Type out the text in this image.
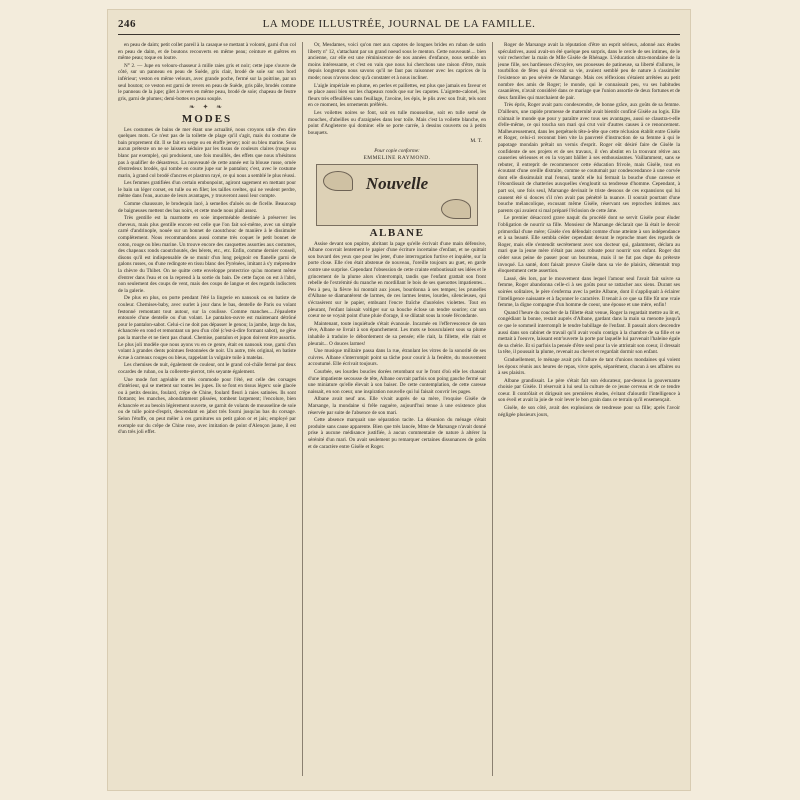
246	LA MODE ILLUSTRÉE, JOURNAL DE LA FAMILLE.

en peau de daim; petit collet pareil à la casaque se mettant à volonté, garni d'un col en peau de daim, et de boutons recouverts en même peau; ceinture et guêtres en même peau; toque en loutre.

N° 2. — Jupe en velours-chasseur à mille raies gris et noir; cette jupe s'ouvre de côté, sur un panneau en peau de Suède, gris clair, brodé de soie sur son bord inférieur; veston en même velours, avec grande poche, fermé sur la poitrine, par un seul bouton; ce veston est garni de revers en peau de Suède, gris pâle, brodés comme le panneau de la jupe; gilet à revers en même peau, brodé de soie; chapeau de feutre gris, garni de plumes; demi-bottes en peau souple.

❧ ✦ ❧
MODES

Les costumes de bains de mer étant une actualité, nous croyons utile d'en dire quelques mots. Ce n'est pas de la toilette de plage qu'il s'agit, mais du costume de bain proprement dit. Il se fait en serge ou en étoffe jersey; noir ou bleu marine. Sous aucun prétexte on ne se laissera séduire par les tissus de couleurs claires (rouge ou blanc par exemple), qui produisent, une fois mouillés, des effets que nous n'hésitons pas à qualifier de désastreux. La nouveauté de cette année est la blouse russe, ornée d'entredeux brodés, qui tombe en courte jupe sur le pantalon; c'est, avec le costume marin, à grand col brodé d'ancres et plastron rayé, ce qui nous a semblé le plus réussi.

Les femmes gratifiées d'un certain embonpoint, agiront sagement en mettant pour le bain un léger corset, en tulle ou en filet; les tailles sveltes, qui ne veulent perdre, même dans l'eau, aucune de leurs avantages, y trouveront aussi leur compte.

Comme chaussure, le brodequin lacé, à semelles d'aloès ou de ficelle. Beaucoup de baigneuses mettent des bas noirs, et cette mode nous plaît assez.

Très gentille est la marmotte en soie imperméable destinée à préserver les cheveux, mais plus gentille encore est celle que l'on fait soi-même, avec un simple carré d'andrinople, nouée sur un bonnet de caoutchouc de manière à le dissimuler complètement. Nous recommandons aussi comme très coquet le petit bonnet de coton, rouge ou bleu marine. Un trouve encore des casquettes assorties aux costumes, des chapeaux ronds caoutchoutés, des bérets, etc., etc. Enfin, comme dernier conseil, disons qu'il est indispensable de se munir d'un long peignoir en flanelle garni de galons russes, ou d'une redingote en tissu blanc des Pyrénées, imitant à s'y méprendre la chèvre du Thibet. On ne quitte cette enveloppe protectrice qu'au moment même d'entrer dans l'eau et on la reprend à la sortie du bain. De cette façon on est à l'abri, non seulement des coups de vent, mais des coups de langue et des regards indiscrets de la galerie.

De plus en plus, on porte pendant l'été la lingerie en nansouk ou en batiste de couleur. Chemises-baby, avec ourlet à jour dans le bas, dentelle de Paris ou volant festonné remontant tout autour, sur la coulisse. Comme manches.....l'épaulette entourée d'une dentelle ou d'un volant. Le pantalon-ouvre est maintenant détrôné pour le pantalon-sabot. Celui-ci ne doit pas dépasser le genou; la jambe, large du bas, échancrée en rond et remontant un peu d'un côté (c'est-à-dire formant sabot), ne gêne pas la marche et ne tient pas chaud. Chemise, pantalon et jupon doivent être assortis. Le plus joli modèle que nous ayons vu en ce genre, était en nansouk rose, garni d'un volant à grandes dents pointues festonnées de noir. Un autre, très original, en batiste écrue à carreaux rouges ou bleus, rappelant la vulgaire toile à matelas.

Les chemises de nuit, également de couleur, ont le grand col-châle fermé par deux cocardes de ruban, ou la collerette-pierrot, très seyante également.

Une mode fort agréable et très commode pour l'été, est celle des corsages d'intérieur, qui se mettent sur toutes les jupes. Ils se font en tissus légers: soie glacée ou à petits dessins, foulard, crêpe de Chine, foulard fleuri à raies satinées. Ils sont flottants; les manches, abondamment plissées, tombent largement; l'encolure, bien échancrée et au besoin légèrement ouverte, se garnit de volants de mousseline de soie ou de tulle point-d'esprit, descendant en jabot très fourni jusqu'au bas du corsage. Selon l'étoffe, on peut mêler à ces garnitures un petit galon or et jais; employé par exemple sur du crêpe de Chine rose, avec imitation de point d'Alençon jaune, il est d'un très joli effet.

Or, Mesdames, voici qu'on met aux capotes de longues brides en ruban de satin liberty nº 12, s'attachant par un grand noeud sous le menton. Cette nouveauté.... bien ancienne, car elle est une réminiscence de nos années d'enfance, nous semble un moins intéressante, et c'est en vain que nous lui cherchons une raison d'être, mais depuis longtemps nous savons qu'il ne faut pas raisonner avec les caprices de la mode; nous n'avons donc qu'à constater et à nous incliner.

L'aigle impériale en plume, en perles et paillettes, est plus que jamais en faveur et se place aussi bien sur les chapeaux ronds que sur les capotes. L'aigrette-calonel, les fleurs très effeuillées sans feuillage, l'avoine, les épis, le plis avec son fruit, tels sont en ce moment, les ornements préférés.

Les voilettes noires se font, soit en tulle mousseline, soit en tulle semé de mouches, d'abeilles ou d'araignées dans leur toile. Mais c'est la voilette blanche, en point d'Angleterre qui domine: elle se porte carrée, à dessins couverts ou à petits bouquets.

M. T.
Pour copie conforme:
EMMELINE RAYMOND.
Nouvelle
ALBANE

Assise devant son pupitre, abritant la page qu'elle écrivait d'une main défensive, Albane couvrait lentement le papier d'une écriture incertaine d'enfant, et ne quittait son buvard des yeux que pour les jeter, d'une interrogation furtive et inquiète, sur la porte close. Elle s'en était abstenue de nouveau, l'oreille toujours au guet, en garde contre une surprise. Cependant l'obsession de cette crainte emboutissait ses idées et le grincement de la plume alors s'interrompit, tandis que l'enfant grattait son front rebelle de l'extrémité du manche en mordillant le bois de ses quenottes impatientes... Peu à peu, la fièvre lui montait aux joues, bourdonna à ses tempes; les prunelles d'Albane se diamantèrent de larmes, de ces larmes lentes, lourdes, silencieuses, qui s'écrasèrent sur le papier, embuant l'encre fraîche d'auréoles violettes. Tout en pleurant, l'enfant laissait voltiger sur sa bouche éclose un tendre sourire; car son coeur ne se voyait point d'une pluie d'orage, il se dilatait sous la rosée fécondante.

Maintenant, toute inquiétude s'était évanouie. Incarnée en l'effervescence de son rêve, Albane se livrait à son épanchement. Les mots se bousculaient sous sa plume inhabile à traduire le débordement de sa pensée; elle riait, la fillette, elle riait et pleurait... O douces larmes!

Une musique militaire passa dans la rue, étranlant les vitres de la sonorité de ses cuivres. Albane s'interrompit point sa tâche pour courir à la fenêtre, du mouvement accoutumé. Elle écrivait toujours.

Courbée, ses lourdes boucles dorées retombant sur le front d'où elle les chassait d'une impatiente secousse de tête, Albane ouvrait parfois son poing gauche fermé sur une miniature qu'elle élevait à son baiser. De cette contemplation, de cette caresse naissait, en son coeur, une inspiration nouvelle qui lui faisait couvrir les pages.

Albane avait neuf ans. Elle vivait auprès de sa mère, l'exquise Gisèle de Marsange, la mondaine si frêle naguère, aujourd'hui tenue à une existence plus réservée par suite de l'absence de son mari.

Cette absence marquait une séparation tacite. La désunion du ménage s'était produite sans cause apparente. Bien que très lancée, Mme de Marsange n'avait donné prise à aucune médisance justifiée, à aucun commentaire de nature à altérer la sérénité d'un mari. On avait seulement pu remarquer certaines dissonances de goûts et de caractère entre Gisèle et Roger.

Roger de Marsange avait la réputation d'être un esprit sérieux, adonné aux études spéculatives, aussi avait-on été quelque peu surpris, dans le cercle de ses intimes, de le voir rechercher la main de Mlle Gisèle de Rhénage. L'éducation ultra-mondaine de la jeune fille, ses hardiesses d'écuyère, ses prouesses de patineuse, sa liberté d'allures, le tourbillon de fêtes qui dévorait sa vie, avaient semblé peu de nature à s'assimiler l'existence un peu sévère de Marsange. Mais ces réflexions s'étaient arrêtées au petit nombre des amis de Roger; le monde, qui le connaissait peu, vu ses habitudes casanières, n'avait considéré dans ce mariage que l'union assortie de deux fortunes et de deux familles qui marchaient de pair.

Très épris, Roger avait paru condescendre, de bonne grâce, aux goûts de sa femme. D'ailleurs, une rapide promesse de maternité avait bientôt confiné Gisèle au logis. Elle n'aimait le monde que pour y paraître avec tous ses avantages, aussi se claustra-t-elle d'elle-même, ce qui toucha son mari qui crut voir d'autres causes à ce renoncement. Malheureusement, dans les perpétuels tête-à-tête que cette réclusion établit entre Gisèle et Roger, celui-ci reconnut bien vite la pauvreté d'instruction de sa femme à qui le papotage mondain prêtait un vernis d'esprit. Roger eût désiré faire de Gisèle la confidente de ses projets et de ses travaux, il s'en abstint en la trouvant rétive aux causeries sérieuses et en la voyant bâiller à ses enthousiasmes. Vaillamment, sans se rebuter, il entreprit de recommencer cette éducation frivole, mais Gisèle, tout en écoutant d'une oreille distraite, comme se coutumait par condescendance à une corvée dont elle dissimulait mal l'ennui, tantôt elle lui fermait la bouche d'une caresse et l'étourdissait de chatteries auxquelles s'engloutit sa tendresse d'homme. Cependant, à part soi, une fois seul, Marsange devinait le triste dessous de ces expansions qui lui causent été si douces s'il n'en avait pas pénétré la nuance. Il sourait pourtant d'une bouche mélancolique, excusant même Gisèle, réservant ses reproches intimes aux parents qui avaient si mal préparé l'éclosion de cette âme.

Le premier désaccord grave naquit du procédé dont se servit Gisèle pour éluder l'obligation de nourrir sa fille. Monsieur de Marsange déclarait que là était le devoir primordial d'une mère; Gisèle s'en défendait comme d'une atteinte à son indépendance et à sa beauté. Elle sembla céder cependant devant le reproche muet des regards de Roger, mais elle s'entendit secrètement avec son docteur qui, galamment, déclara au mari que la jeune mère n'était pas assez robuste pour nourrir son enfant. Roger dut céder sous peine de passer pour un bourreau, mais il ne fut pas dupe du prétexte invoqué. La santé, dont faisait preuve Gisèle dans sa vie de plaisirs, démentait trop éloquemment cette assertion.

Lassé, dès lors, par le mouvement dans lequel l'amour seul l'avait fait suivre sa femme, Roger abandonna celle-ci à ses goûts pour se rattacher aux siens. Durant ses soirées solitaires, le père s'enferma avec la petite Albane, dont il s'appliquait à éclairer l'intelligence naissante et à façonner le caractère. Il tenait à ce que sa fille fût une vraie femme, la digne compagne d'un homme de coeur, une épouse et une mère, enfin!

Quand l'heure du coucher de la fillette était venue, Roger la regardait mettre au lit et, congédiant la bonne, restait auprès d'Albane, gardant dans la main sa menotte jusqu'à ce que le sommeil interrompît le tendre babillage de l'enfant. Il passait alors descendre aussi dans son cabinet de travail qu'il avait voulu contigu à la chambre de sa fille et se mettait à l'oeuvre, laissant entr'ouverte la porte par laquelle lui parvenait l'haleine égale de sa chérie. Et si parfois la pensée d'être seul pour la vie attristait son coeur, il dressait la tête, il poussait la plume, revenait au chevet et regardait dormir son enfant.

Graduellement, le ménage avait pris l'allure de tant d'unions mondaines qui voient les époux réunis aux heures de repas, vivre après, séparément, chacun à ses affaires ou à ses plaisirs.

Albane grandissait. Le père s'était fait son éducateur, par-dessus la gouvernante choisie par Gisèle. Il réservait à lui seul la culture de ce jeune cerveau et de ce tendre coeur. Il contrôlait et dirigeait ses premières études, évitant d'alourdir l'intelligence à son éveil et avait la joie de voir lever le bon grain dans ce terrain qu'il ensemençait.

Gisèle, de son côté, avait des explosions de tendresse pour sa fille; après l'avoir négligée plusieurs jours,
